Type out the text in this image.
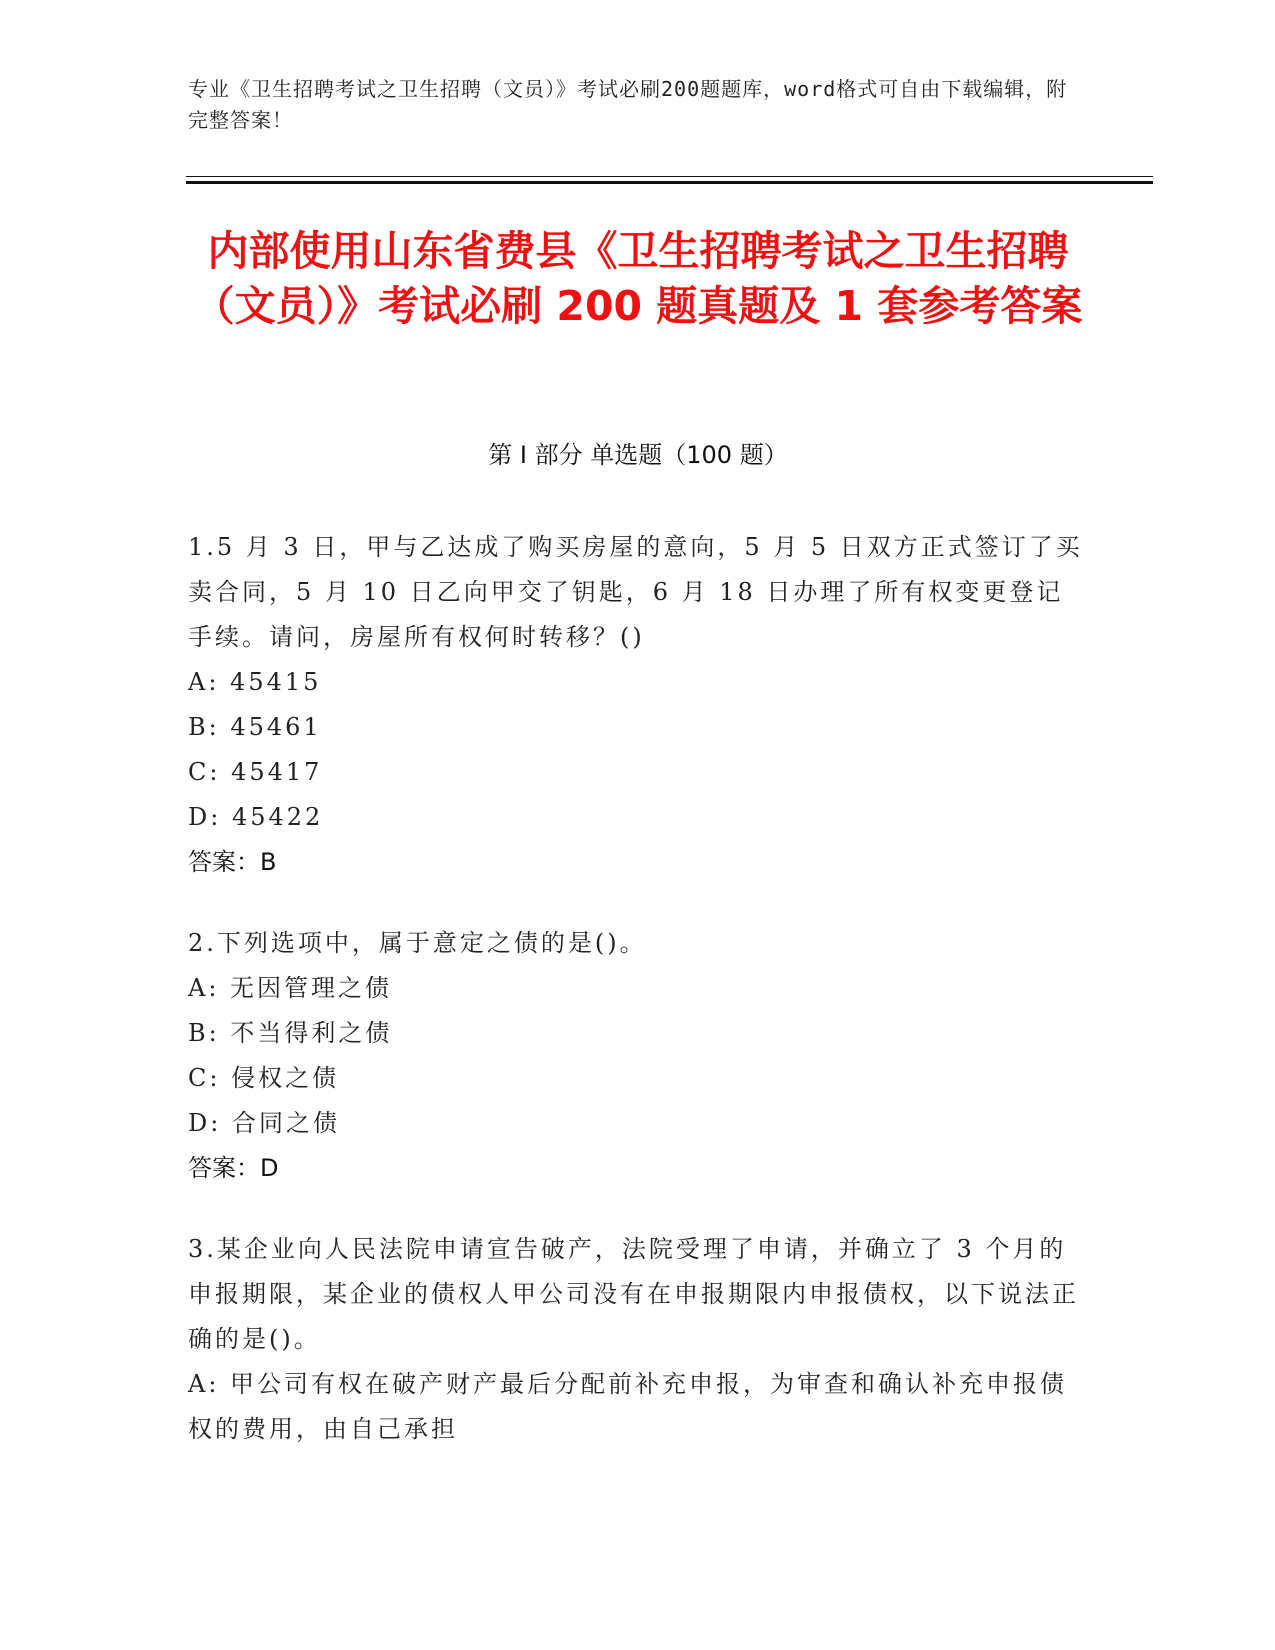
专业《卫生招聘考试之卫生招聘（文员）》考试必刷200题题库，word格式可自由下载编辑，附完整答案！
内部使用山东省费县《卫生招聘考试之卫生招聘（文员）》考试必刷 200 题真题及 1 套参考答案
第 I 部分 单选题（100 题）
1.5 月 3 日，甲与乙达成了购买房屋的意向，5 月 5 日双方正式签订了买卖合同，5 月 10 日乙向甲交了钥匙，6 月 18 日办理了所有权变更登记手续。请问，房屋所有权何时转移？()
A: 45415
B: 45461
C: 45417
D: 45422
答案：B
2.下列选项中，属于意定之债的是()。
A: 无因管理之债
B: 不当得利之债
C: 侵权之债
D: 合同之债
答案：D
3.某企业向人民法院申请宣告破产，法院受理了申请，并确立了 3 个月的申报期限，某企业的债权人甲公司没有在申报期限内申报债权，以下说法正确的是()。
A: 甲公司有权在破产财产最后分配前补充申报，为审查和确认补充申报债权的费用，由自己承担
